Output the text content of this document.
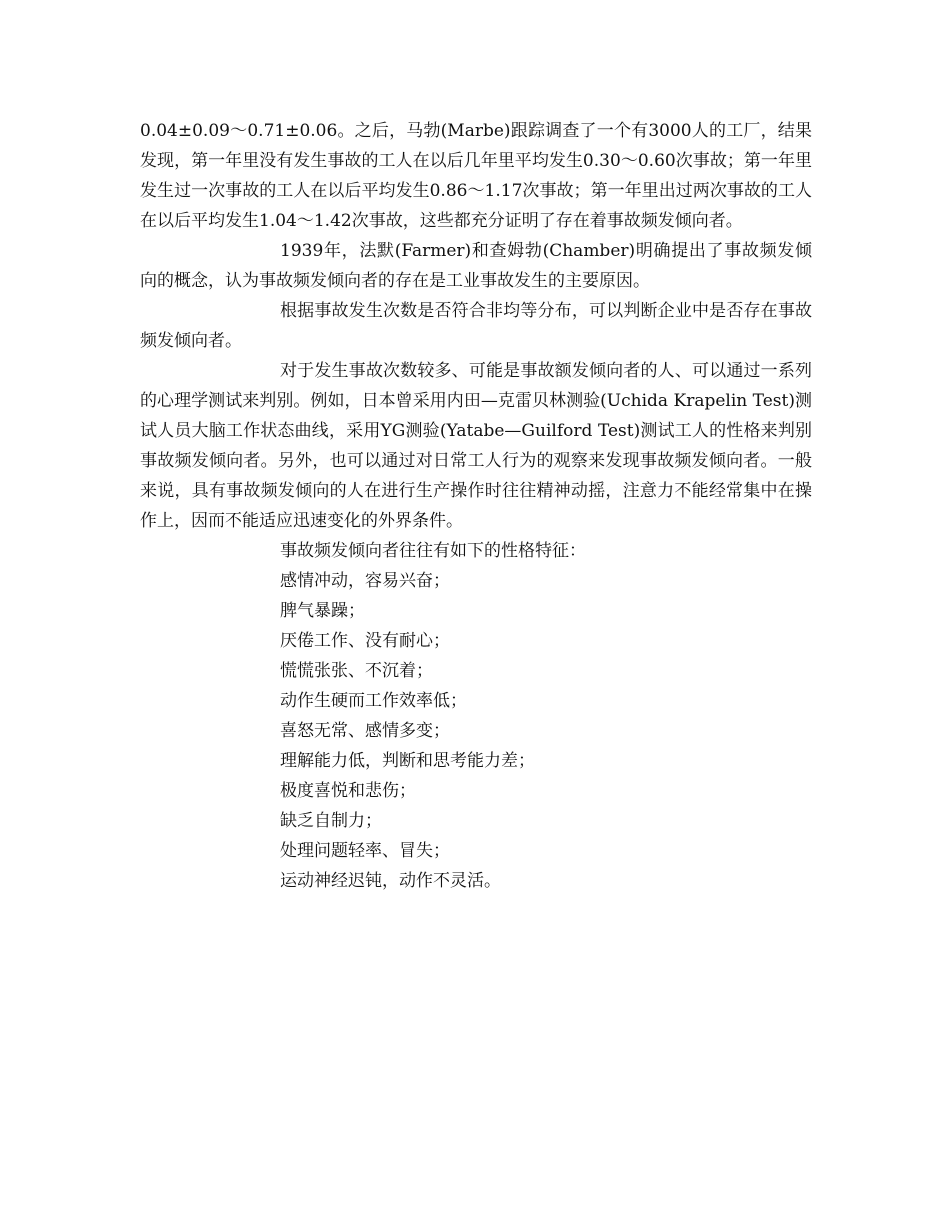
0.04±0.09～0.71±0.06。之后，马勃(Marbe)跟踪调查了一个有3000人的工厂，结果发现，第一年里没有发生事故的工人在以后几年里平均发生0.30～0.60次事故；第一年里发生过一次事故的工人在以后平均发生0.86～1.17次事故；第一年里出过两次事故的工人在以后平均发生1.04～1.42次事故，这些都充分证明了存在着事故频发倾向者。

1939年，法默(Farmer)和查姆勃(Chamber)明确提出了事故频发倾向的概念，认为事故频发倾向者的存在是工业事故发生的主要原因。

根据事故发生次数是否符合非均等分布，可以判断企业中是否存在事故频发倾向者。

对于发生事故次数较多、可能是事故额发倾向者的人、可以通过一系列的心理学测试来判别。例如，日本曾采用内田—克雷贝林测验(Uchida Krapelin Test)测试人员大脑工作状态曲线，采用YG测验(Yatabe—Guilford Test)测试工人的性格来判别事故频发倾向者。另外，也可以通过对日常工人行为的观察来发现事故频发倾向者。一般来说，具有事故频发倾向的人在进行生产操作时往往精神动摇，注意力不能经常集中在操作上，因而不能适应迅速变化的外界条件。

事故频发倾向者往往有如下的性格特征：

感情冲动，容易兴奋；

脾气暴躁；

厌倦工作、没有耐心；

慌慌张张、不沉着；

动作生硬而工作效率低；

喜怒无常、感情多变；

理解能力低，判断和思考能力差；

极度喜悦和悲伤；

缺乏自制力；

处理问题轻率、冒失；

运动神经迟钝，动作不灵活。
